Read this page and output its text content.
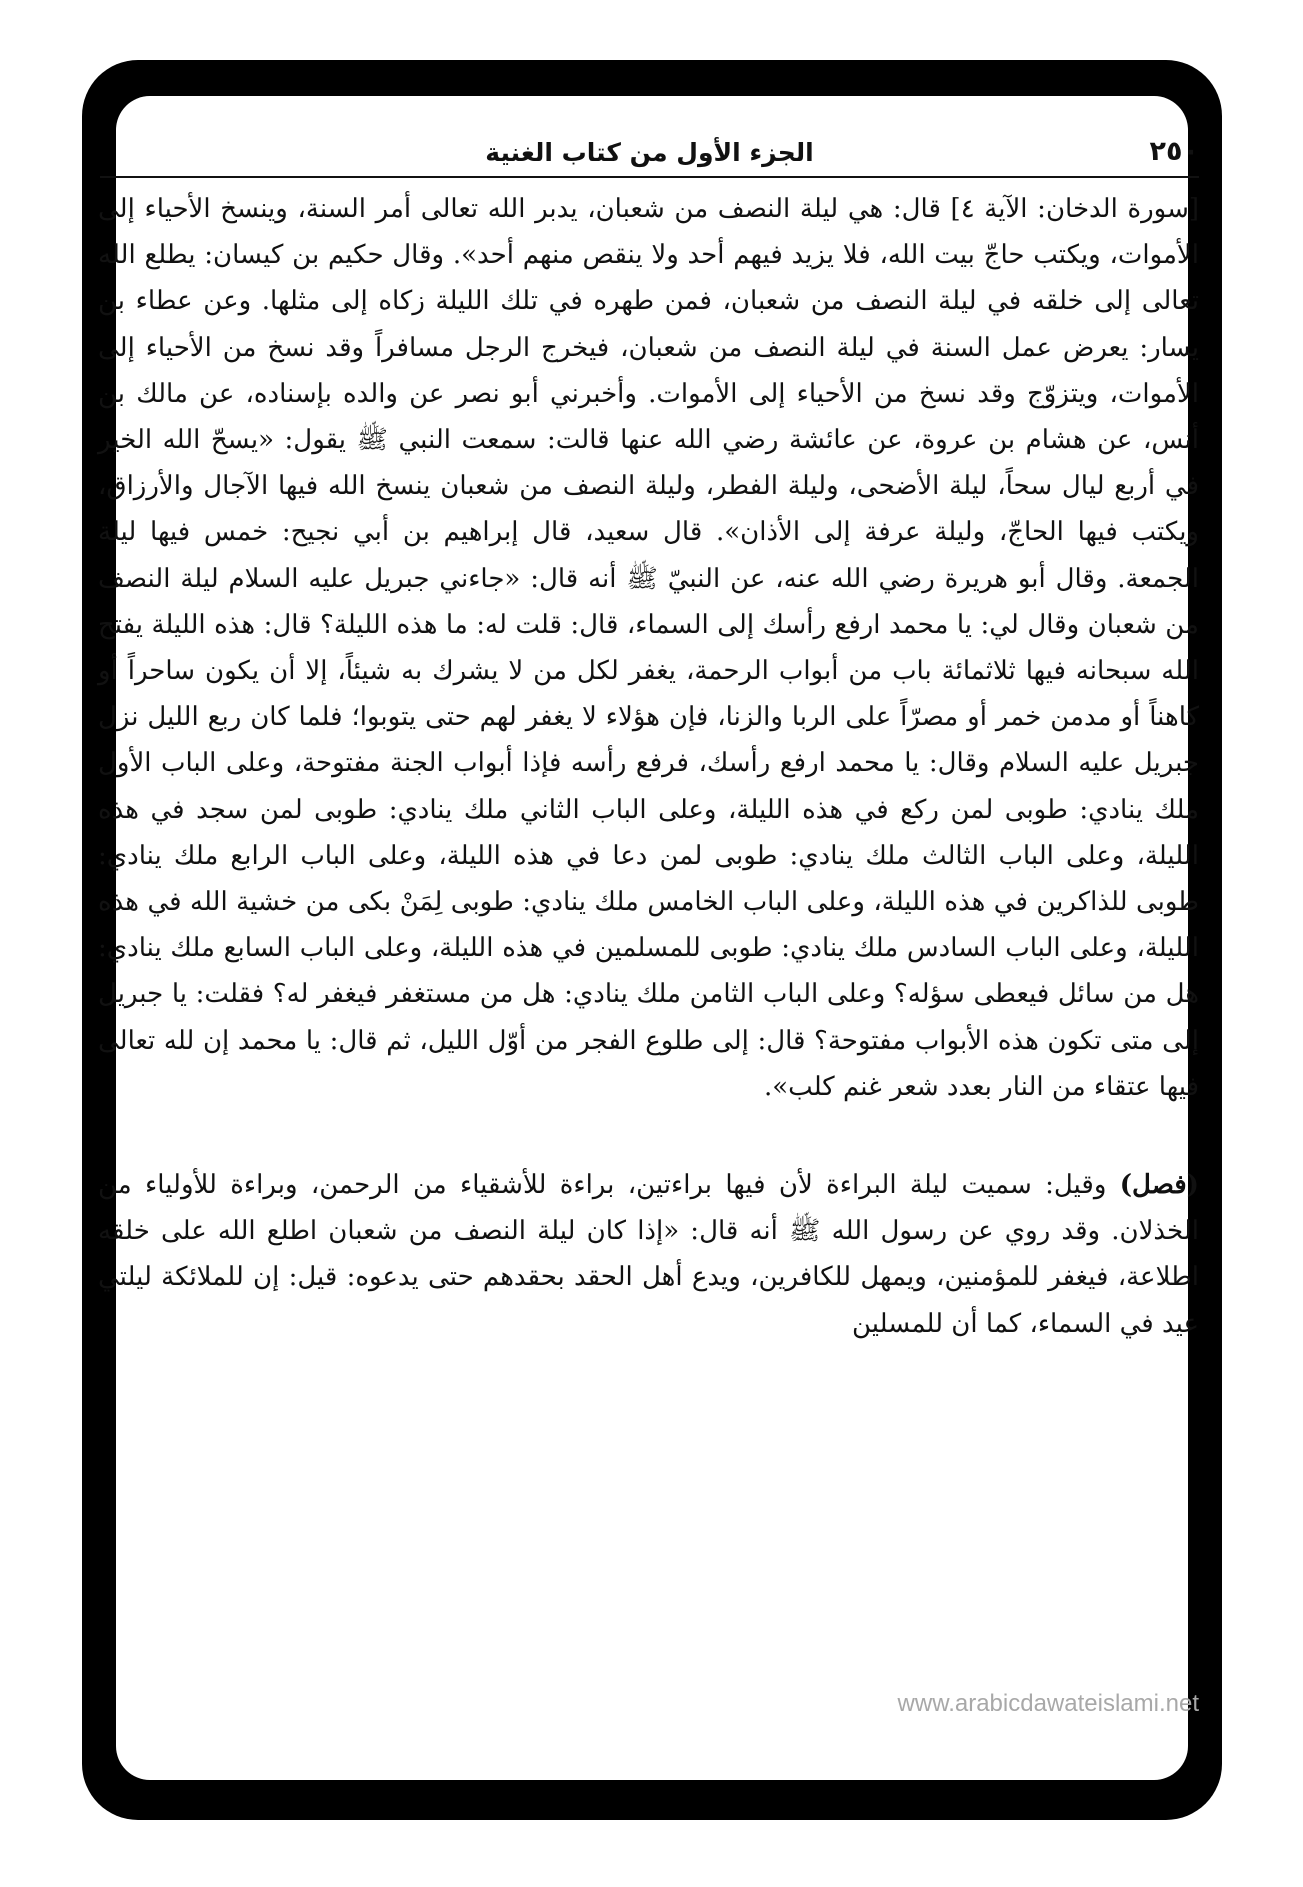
الجزء الأول من كتاب الغنية	٢٥٠

[سورة الدخان: الآية ٤] قال: هي ليلة النصف من شعبان، يدبر الله تعالى أمر السنة، وينسخ الأحياء إلى الأموات، ويكتب حاجّ بيت الله، فلا يزيد فيهم أحد ولا ينقص منهم أحد». وقال حكيم بن كيسان: يطلع الله تعالى إلى خلقه في ليلة النصف من شعبان، فمن طهره في تلك الليلة زكاه إلى مثلها. وعن عطاء بن يسار: يعرض عمل السنة في ليلة النصف من شعبان، فيخرج الرجل مسافراً وقد نسخ من الأحياء إلى الأموات، ويتزوّج وقد نسخ من الأحياء إلى الأموات. وأخبرني أبو نصر عن والده بإسناده، عن مالك بن أنس، عن هشام بن عروة، عن عائشة رضي الله عنها قالت: سمعت النبي ﷺ يقول: «يسحّ الله الخير في أربع ليال سحاً، ليلة الأضحى، وليلة الفطر، وليلة النصف من شعبان ينسخ الله فيها الآجال والأرزاق، ويكتب فيها الحاجّ، وليلة عرفة إلى الأذان». قال سعيد، قال إبراهيم بن أبي نجيح: خمس فيها ليلة الجمعة. وقال أبو هريرة رضي الله عنه، عن النبيّ ﷺ أنه قال: «جاءني جبريل عليه السلام ليلة النصف من شعبان وقال لي: يا محمد ارفع رأسك إلى السماء، قال: قلت له: ما هذه الليلة؟ قال: هذه الليلة يفتح الله سبحانه فيها ثلاثمائة باب من أبواب الرحمة، يغفر لكل من لا يشرك به شيئاً، إلا أن يكون ساحراً أو كاهناً أو مدمن خمر أو مصرّاً على الربا والزنا، فإن هؤلاء لا يغفر لهم حتى يتوبوا؛ فلما كان ربع الليل نزل جبريل عليه السلام وقال: يا محمد ارفع رأسك، فرفع رأسه فإذا أبواب الجنة مفتوحة، وعلى الباب الأول ملك ينادي: طوبى لمن ركع في هذه الليلة، وعلى الباب الثاني ملك ينادي: طوبى لمن سجد في هذه الليلة، وعلى الباب الثالث ملك ينادي: طوبى لمن دعا في هذه الليلة، وعلى الباب الرابع ملك ينادي: طوبى للذاكرين في هذه الليلة، وعلى الباب الخامس ملك ينادي: طوبى لِمَنْ بكى من خشية الله في هذه الليلة، وعلى الباب السادس ملك ينادي: طوبى للمسلمين في هذه الليلة، وعلى الباب السابع ملك ينادي: هل من سائل فيعطى سؤله؟ وعلى الباب الثامن ملك ينادي: هل من مستغفر فيغفر له؟ فقلت: يا جبريل إلى متى تكون هذه الأبواب مفتوحة؟ قال: إلى طلوع الفجر من أوّل الليل، ثم قال: يا محمد إن لله تعالى فيها عتقاء من النار بعدد شعر غنم كلب».

(فصل) وقيل: سميت ليلة البراءة لأن فيها براءتين، براءة للأشقياء من الرحمن، وبراءة للأولياء من الخذلان. وقد روي عن رسول الله ﷺ أنه قال: «إذا كان ليلة النصف من شعبان اطلع الله على خلقه اطلاعة، فيغفر للمؤمنين، ويمهل للكافرين، ويدع أهل الحقد بحقدهم حتى يدعوه: قيل: إن للملائكة ليلتي عيد في السماء، كما أن للمسلين

www.arabicdawateislami.net
